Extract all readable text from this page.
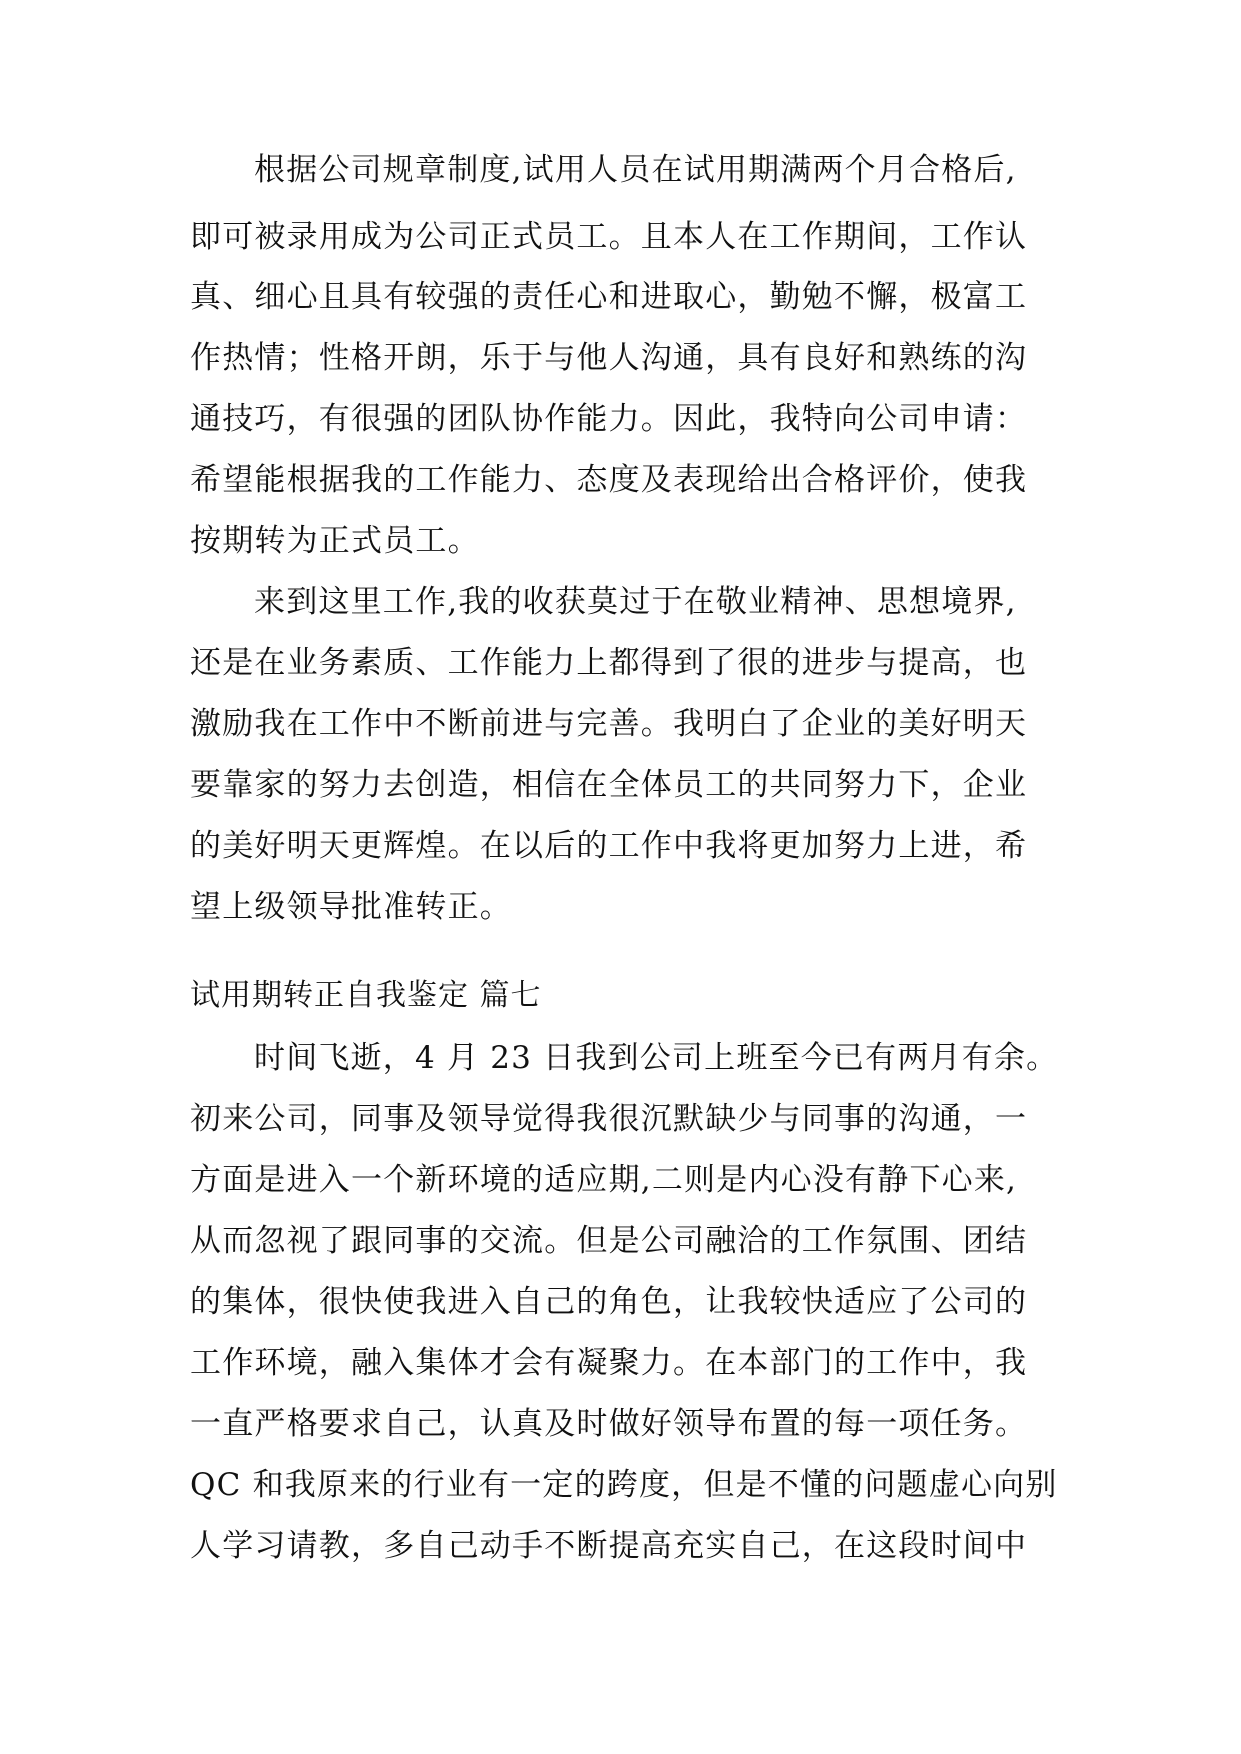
根据公司规章制度,试用人员在试用期满两个月合格后,
即可被录用成为公司正式员工。且本人在工作期间，工作认
真、细心且具有较强的责任心和进取心，勤勉不懈，极富工
作热情；性格开朗，乐于与他人沟通，具有良好和熟练的沟
通技巧，有很强的团队协作能力。因此，我特向公司申请：
希望能根据我的工作能力、态度及表现给出合格评价，使我
按期转为正式员工。
来到这里工作,我的收获莫过于在敬业精神、思想境界,
还是在业务素质、工作能力上都得到了很的进步与提高，也
激励我在工作中不断前进与完善。我明白了企业的美好明天
要靠家的努力去创造，相信在全体员工的共同努力下，企业
的美好明天更辉煌。在以后的工作中我将更加努力上进，希
望上级领导批准转正。
试用期转正自我鉴定 篇七
时间飞逝，4 月 23 日我到公司上班至今已有两月有余。
初来公司，同事及领导觉得我很沉默缺少与同事的沟通，一
方面是进入一个新环境的适应期,二则是内心没有静下心来,
从而忽视了跟同事的交流。但是公司融洽的工作氛围、团结
的集体，很快使我进入自己的角色，让我较快适应了公司的
工作环境，融入集体才会有凝聚力。在本部门的工作中，我
一直严格要求自己，认真及时做好领导布置的每一项任务。
QC 和我原来的行业有一定的跨度，但是不懂的问题虚心向别
人学习请教，多自己动手不断提高充实自己，在这段时间中
